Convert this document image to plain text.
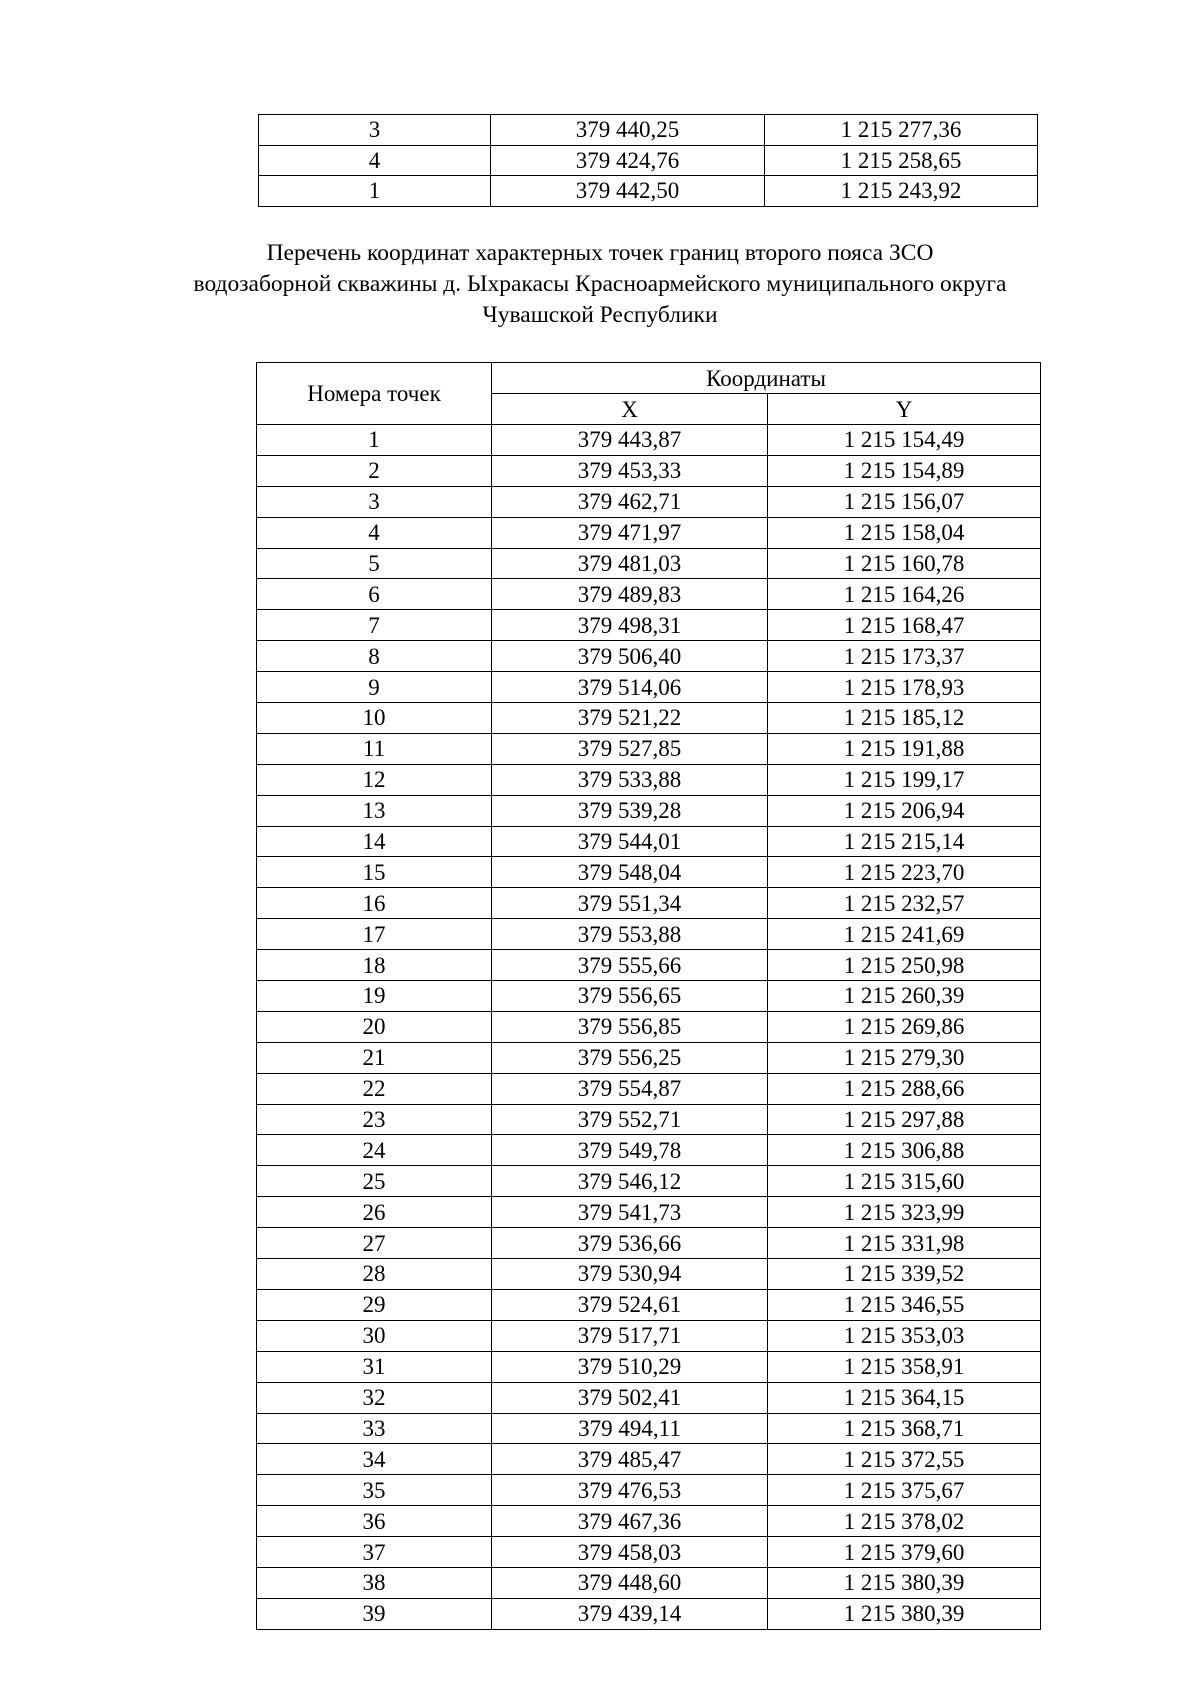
3	379 440,25	1 215 277,36
4	379 424,76	1 215 258,65
1	379 442,50	1 215 243,92
Перечень координат характерных точек границ второго пояса ЗСО
водозаборной скважины д. Ыхракасы Красноармейского муниципального округа
Чувашской Республики
Номера точек	Координаты	
	X	Y
1	379 443,87	1 215 154,49
2	379 453,33	1 215 154,89
3	379 462,71	1 215 156,07
4	379 471,97	1 215 158,04
5	379 481,03	1 215 160,78
6	379 489,83	1 215 164,26
7	379 498,31	1 215 168,47
8	379 506,40	1 215 173,37
9	379 514,06	1 215 178,93
10	379 521,22	1 215 185,12
11	379 527,85	1 215 191,88
12	379 533,88	1 215 199,17
13	379 539,28	1 215 206,94
14	379 544,01	1 215 215,14
15	379 548,04	1 215 223,70
16	379 551,34	1 215 232,57
17	379 553,88	1 215 241,69
18	379 555,66	1 215 250,98
19	379 556,65	1 215 260,39
20	379 556,85	1 215 269,86
21	379 556,25	1 215 279,30
22	379 554,87	1 215 288,66
23	379 552,71	1 215 297,88
24	379 549,78	1 215 306,88
25	379 546,12	1 215 315,60
26	379 541,73	1 215 323,99
27	379 536,66	1 215 331,98
28	379 530,94	1 215 339,52
29	379 524,61	1 215 346,55
30	379 517,71	1 215 353,03
31	379 510,29	1 215 358,91
32	379 502,41	1 215 364,15
33	379 494,11	1 215 368,71
34	379 485,47	1 215 372,55
35	379 476,53	1 215 375,67
36	379 467,36	1 215 378,02
37	379 458,03	1 215 379,60
38	379 448,60	1 215 380,39
39	379 439,14	1 215 380,39
